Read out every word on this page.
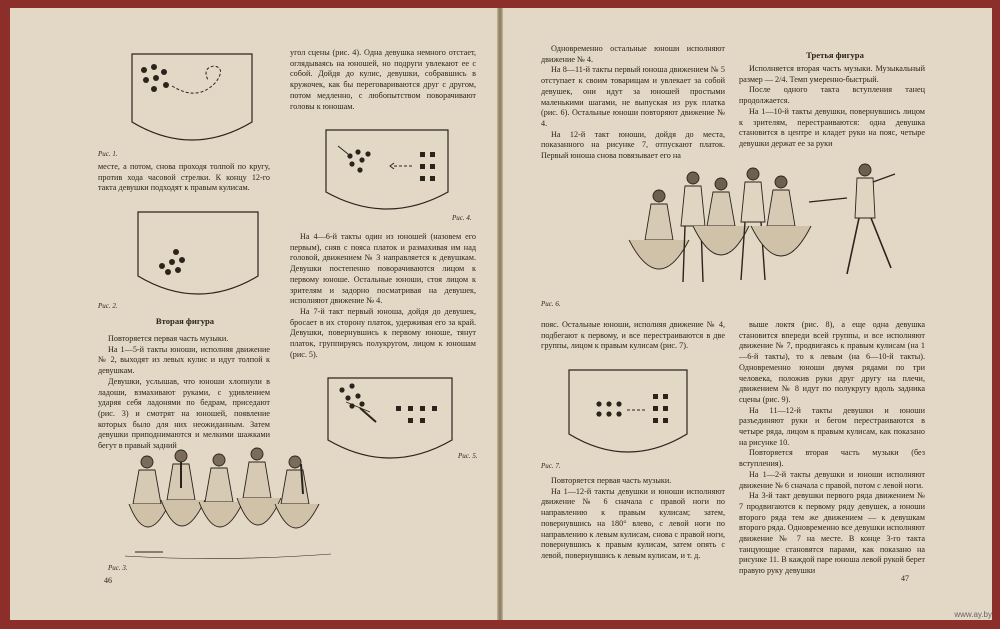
Рис. 1.
месте, а потом, снова проходя толпой по кругу, против хода часовой стрелки. К концу 12-го такта девушки подходят к правым кулисам.
Рис. 2.
Вторая фигура

Повторяется первая часть музыки.

На 1—5-й такты юноши, исполняя движение № 2, выходят из левых кулис и идут толпой к девушкам.

Девушки, услышав, что юноши хлопнули в ладоши, взмахивают руками, с удивлением ударяя себя ладонями по бедрам, приседают (рис. 3) и смотрят на юношей, появление которых было для них неожиданным. Затем девушки приподнимаются и мелкими шажками бегут в правый задний

Рис. 3.
46
угол сцены (рис. 4). Одна девушка немного отстает, оглядываясь на юношей, но подруги увлекают ее с собой. Дойдя до кулис, девушки, собравшись в кружочек, как бы переговариваются друг с другом, потом медленно, с любопытством поворачивают головы к юношам.
Рис. 4.

На 4—6-й такты один из юношей (назовем его первым), сняв с пояса платок и размахивая им над головой, движением № 3 направляется к девушкам. Девушки постепенно поворачиваются лицом к первому юноше. Остальные юноши, стоя лицом к зрителям и задорно посматривая на девушек, исполняют движение № 4.

На 7-й такт первый юноша, дойдя до девушек, бросает в их сторону платок, удерживая его за край. Девушки, повернувшись к первому юноше, тянут платок, группируясь полукругом, лицом к юношам (рис. 5).

Рис. 5.

Одновременно остальные юноши исполняют движение № 4.

На 8—11-й такты первый юноша движением № 5 отступает к своим товарищам и увлекает за собой девушек, они идут за юношей простыми маленькими шагами, не выпуская из рук платка (рис. 6). Остальные юноши повторяют движение № 4.

На 12-й такт юноши, дойдя до места, показанного на рисунке 7, отпускают платок. Первый юноша снова повязывает его на

Третья фигура

Исполняется вторая часть музыки. Музыкальный размер — 2/4. Темп умеренно-быстрый.

После одного такта вступления танец продолжается.

На 1—10-й такты девушки, повернувшись лицом к зрителям, перестраиваются: одна девушка становится в центре и кладет руки на пояс, четыре девушки держат ее за руки

Рис. 6.
пояс. Остальные юноши, исполняя движение № 4, подбегают к первому, и все перестраиваются в две группы, лицом к правым кулисам (рис. 7).
Рис. 7.

Повторяется первая часть музыки.

На 1—12-й такты девушки и юноши исполняют движение № 6 сначала с правой ноги по направлению к правым кулисам; затем, повернувшись на 180° влево, с левой ноги по направлению к левым кулисам, снова с правой ноги, повернувшись к правым кулисам, затем опять с левой, повернувшись к левым кулисам, и т. д.

выше локтя (рис. 8), а еще одна девушка становится впереди всей группы, и все исполняют движение № 7, продвигаясь к правым кулисам (на 1—6-й такты), то к левым (на 6—10-й такты). Одновременно юноши двумя рядами по три человека, положив руки друг другу на плечи, движением № 8 идут по полукругу вдоль задника сцены (рис. 9).

На 11—12-й такты девушки и юноши разъединяют руки и бегом перестраиваются в четыре ряда, лицом к правым кулисам, как показано на рисунке 10.

Повторяется вторая часть музыки (без вступления).

На 1—2-й такты девушки и юноши исполняют движение № 6 сначала с правой, потом с левой ноги.

На 3-й такт девушки первого ряда движением № 7 продвигаются к первому ряду девушек, а юноши второго ряда тем же движением — к девушкам второго ряда. Одновременно все девушки исполняют движение № 7 на месте. В конце 3-го такта танцующие становятся парами, как показано на рисунке 11. В каждой паре юноша левой рукой берет правую руку девушки

47
www.ay.by
